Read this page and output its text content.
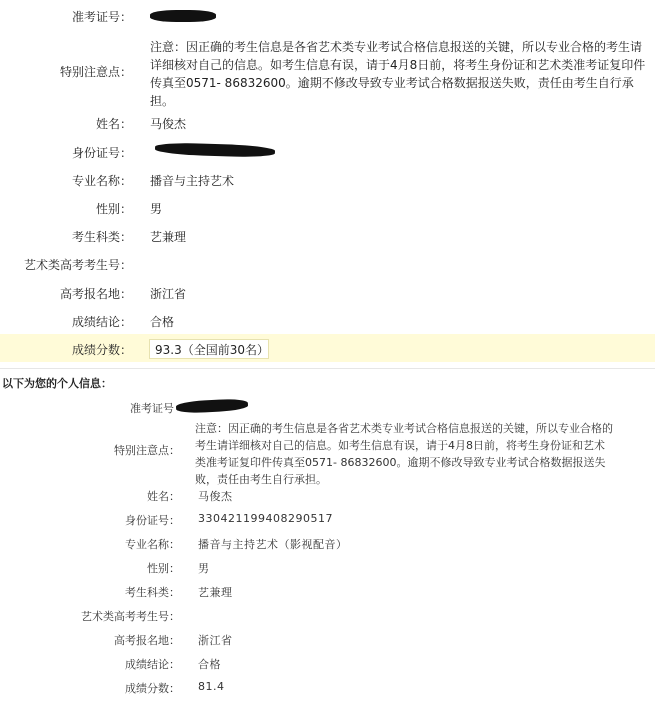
准考证号：
特别注意点：
注意：因正确的考生信息是各省艺术类专业考试合格信息报送的关键，所以专业合格的考生请详细核对自己的信息。如考生信息有误，请于4月8日前，将考生身份证和艺术类准考证复印件传真至0571- 86832600。逾期不修改导致专业考试合格数据报送失败，责任由考生自行承担。
姓名： 马俊杰
身份证号：
专业名称： 播音与主持艺术
性别： 男
考生科类： 艺兼理
艺术类高考考生号：
高考报名地： 浙江省
成绩结论： 合格
成绩分数： 93.3（全国前30名）
以下为您的个人信息：
准考证号
特别注意点：
注意：因正确的考生信息是各省艺术类专业考试合格信息报送的关键，所以专业合格的考生请详细核对自己的信息。如考生信息有误，请于4月8日前，将考生身份证和艺术类准考证复印件传真至0571- 86832600。逾期不修改导致专业考试合格数据报送失败，责任由考生自行承担。
姓名： 马俊杰
身份证号： 330421199408290517
专业名称： 播音与主持艺术（影视配音）
性别： 男
考生科类： 艺兼理
艺术类高考考生号：
高考报名地： 浙江省
成绩结论： 合格
成绩分数： 81.4
